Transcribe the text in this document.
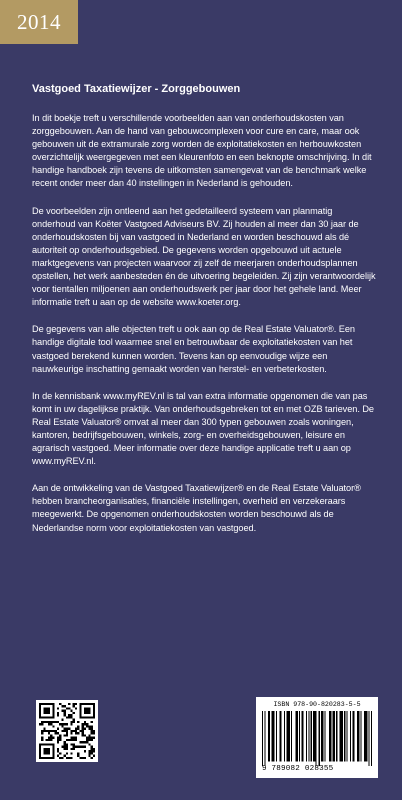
2014
Vastgoed Taxatiewijzer - Zorggebouwen

In dit boekje treft u verschillende voorbeelden aan van onderhoudskosten van zorggebouwen. Aan de hand van gebouwcomplexen voor cure en care, maar ook gebouwen uit de extramurale zorg worden de exploitatiekosten en herbouwkosten overzichtelijk weergegeven met een kleurenfoto en een beknopte omschrijving. In dit handige handboek zijn tevens de uitkomsten samengevat van de benchmark welke recent onder meer dan 40 instellingen in Nederland is gehouden.

De voorbeelden zijn ontleend aan het gedetailleerd systeem van planmatig onderhoud van Koëter Vastgoed Adviseurs BV. Zij houden al meer dan 30 jaar de onderhoudskosten bij van vastgoed in Nederland en worden beschouwd als dé autoriteit op onderhoudsgebied. De gegevens worden opgebouwd uit actuele marktgegevens van projecten waarvoor zij zelf de meerjaren onderhoudsplannen opstellen, het werk aanbesteden én de uitvoering begeleiden. Zij zijn verantwoordelijk voor tientallen miljoenen aan onderhoudswerk per jaar door het gehele land. Meer informatie treft u aan op de website www.koeter.org.

De gegevens van alle objecten treft u ook aan op de Real Estate Valuator®. Een handige digitale tool waarmee snel en betrouwbaar de exploitatiekosten van het vastgoed berekend kunnen worden. Tevens kan op eenvoudige wijze een nauwkeurige inschatting gemaakt worden van herstel- en verbeterkosten.

In de kennisbank www.myREV.nl is tal van extra informatie opgenomen die van pas komt in uw dagelijkse praktijk. Van onderhoudsgebreken tot en met OZB tarieven. De Real Estate Valuator® omvat al meer dan 300 typen gebouwen zoals woningen, kantoren, bedrijfsgebouwen, winkels, zorg- en overheidsgebouwen, leisure en agrarisch vastgoed. Meer informatie over deze handige applicatie treft u aan op www.myREV.nl.

Aan de ontwikkeling van de Vastgoed Taxatiewijzer® en de Real Estate Valuator® hebben brancheorganisaties, financiële instellingen, overheid en verzekeraars meegewerkt. De opgenomen onderhoudskosten worden beschouwd als de Nederlandse norm voor exploitatiekosten van vastgoed.

ISBN 978-90-820283-5-5
9 789082 028355
